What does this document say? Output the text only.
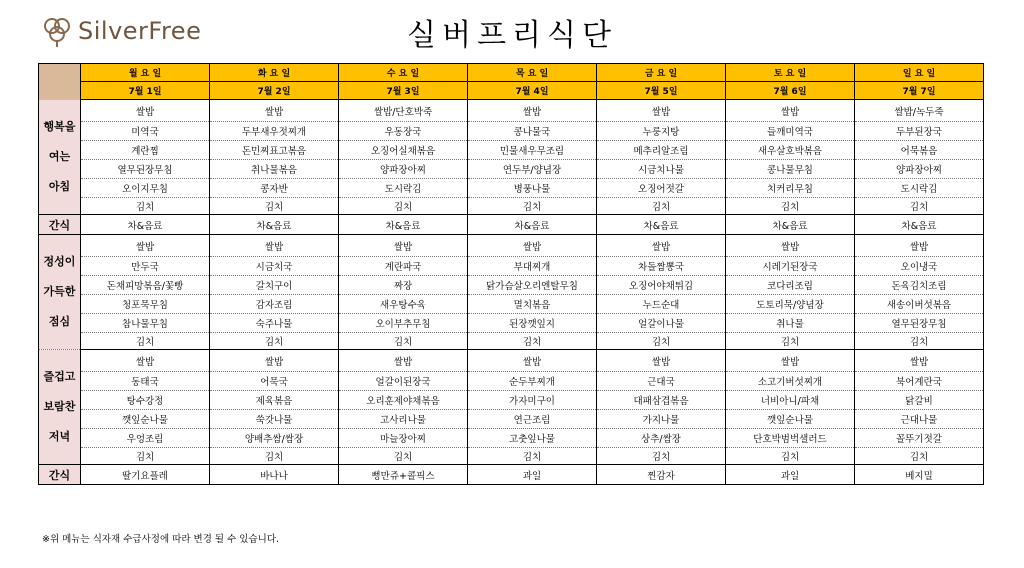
SilverFree	실버프리식단
	월 요 일	화 요 일	수 요 일	목 요 일	금 요 일	토 요 일	일 요 일
	7월 1일	7월 2일	7월 3일	7월 4일	7월 5일	7월 6일	7월 7일

행복을
여는
아침	쌀밥	쌀밥	쌀밥/단호박죽	쌀밥	쌀밥	쌀밥	쌀밥/녹두죽
	미역국	두부새우젓찌개	우동장국	콩나물국	누룽지탕	들깨미역국	두부된장국
	계란찜	돈민찌표고볶음	오징어실채볶음	민물새우무조림	메추리알조림	새우살호박볶음	어묵볶음
	열무된장무침	취나물볶음	양파장아찌	연두부/양념장	시금치나물	콩나물무침	양파장아찌
	오이지무침	콩자반	도시락김	병풍나물	오징어젓갈	치커리무침	도시락김
	김치	김치	김치	김치	김치	김치	김치
간식	차&음료	차&음료	차&음료	차&음료	차&음료	차&음료	차&음료

정성이
가득한
점심	쌀밥	쌀밥	쌀밥	쌀밥	쌀밥	쌀밥	쌀밥
	만두국	시금치국	계란파국	부대찌개	차돌짬뽕국	시레기된장국	오이냉국
	돈채피망볶음/꽃빵	갈치구이	짜장	닭가슴살오리엔탈무침	오징어야채튀김	코다리조림	돈육김치조림
	청포묵무침	감자조림	새우탕수육	멸치볶음	누드순대	도토리묵/양념장	새송이버섯볶음
	참나물무침	숙주나물	오이부추무침	된장깻잎지	얼갈이나물	취나물	열무된장무침
	김치	김치	김치	김치	김치	김치	김치

즐겁고
보람찬
저녁	쌀밥	쌀밥	쌀밥	쌀밥	쌀밥	쌀밥	쌀밥
	동태국	어묵국	얼갈이된장국	순두부찌개	근대국	소고기버섯찌개	북어계란국
	탕수강정	제육볶음	오리훈제야채볶음	가자미구이	대패삼겹볶음	너비아니/파채	닭갈비
	깻잎순나물	쑥갓나물	고사리나물	연근조림	가지나물	깻잎순나물	근대나물
	우엉조림	양배추쌈/쌈장	마늘장아찌	고춧잎나물	상추/쌈장	단호박범벅샐러드	꼴뚜기젓갈
	김치	김치	김치	김치	김치	김치	김치
간식	딸기요플레	바나나	뻥만쥬+콜픽스	과일	찐감자	과일	베지밀
※위 메뉴는 식자재 수급사정에 따라 변경 될 수 있습니다.
